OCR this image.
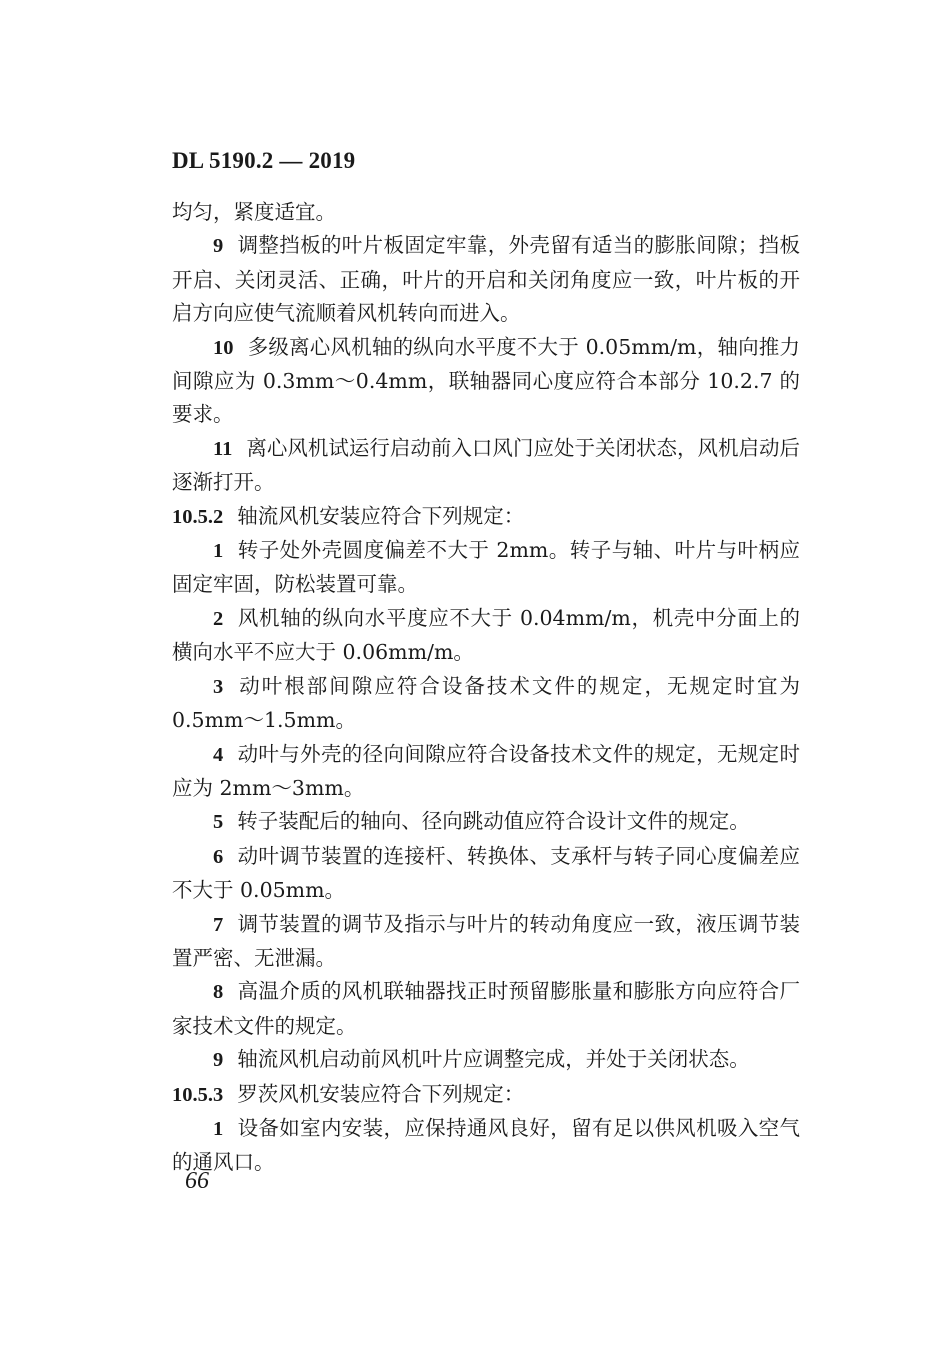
DL 5190.2 — 2019

均匀，紧度适宜。

9 调整挡板的叶片板固定牢靠，外壳留有适当的膨胀间隙；挡板开启、关闭灵活、正确，叶片的开启和关闭角度应一致，叶片板的开启方向应使气流顺着风机转向而进入。

10 多级离心风机轴的纵向水平度不大于 0.05mm/m，轴向推力间隙应为 0.3mm～0.4mm，联轴器同心度应符合本部分 10.2.7 的要求。

11 离心风机试运行启动前入口风门应处于关闭状态，风机启动后逐渐打开。

10.5.2 轴流风机安装应符合下列规定：

1 转子处外壳圆度偏差不大于 2mm。转子与轴、叶片与叶柄应固定牢固，防松装置可靠。

2 风机轴的纵向水平度应不大于 0.04mm/m，机壳中分面上的横向水平不应大于 0.06mm/m。

3 动叶根部间隙应符合设备技术文件的规定，无规定时宜为 0.5mm～1.5mm。

4 动叶与外壳的径向间隙应符合设备技术文件的规定，无规定时应为 2mm～3mm。

5 转子装配后的轴向、径向跳动值应符合设计文件的规定。

6 动叶调节装置的连接杆、转换体、支承杆与转子同心度偏差应不大于 0.05mm。

7 调节装置的调节及指示与叶片的转动角度应一致，液压调节装置严密、无泄漏。

8 高温介质的风机联轴器找正时预留膨胀量和膨胀方向应符合厂家技术文件的规定。

9 轴流风机启动前风机叶片应调整完成，并处于关闭状态。

10.5.3 罗茨风机安装应符合下列规定：

1 设备如室内安装，应保持通风良好，留有足以供风机吸入空气的通风口。

66
